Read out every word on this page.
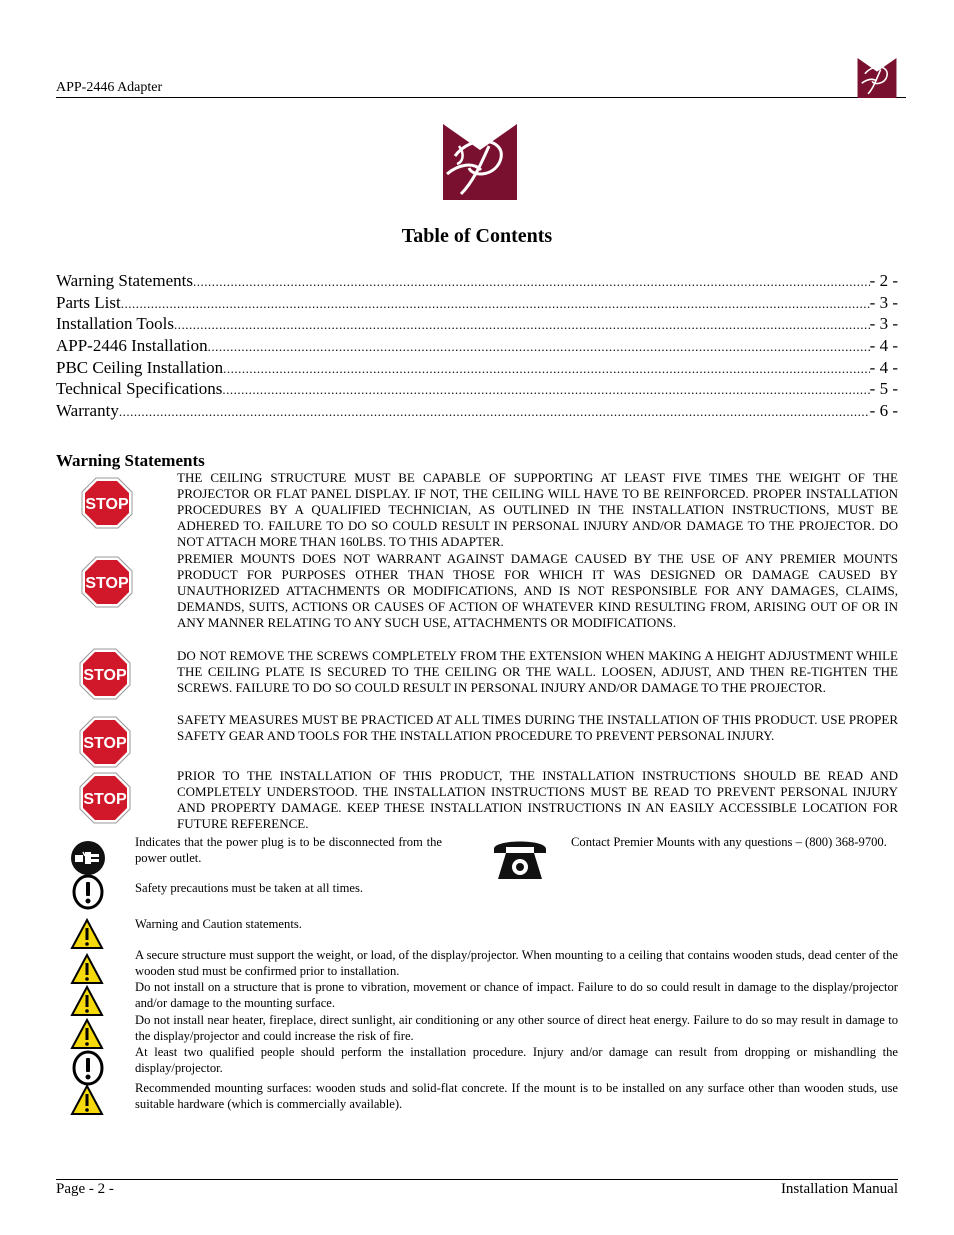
APP-2446 Adapter
Table of Contents
Warning Statements .....	- 2 -
Parts List .....	- 3 -
Installation Tools .....	- 3 -
APP-2446 Installation .....	- 4 -
PBC Ceiling Installation .....	- 4 -
Technical Specifications .....	- 5 -
Warranty .....	- 6 -
Warning Statements
STOP
STOP
STOP
STOP
STOP
THE CEILING STRUCTURE MUST BE CAPABLE OF SUPPORTING AT LEAST FIVE TIMES THE WEIGHT OF THE PROJECTOR OR FLAT PANEL DISPLAY. IF NOT, THE CEILING WILL HAVE TO BE REINFORCED. PROPER INSTALLATION PROCEDURES BY A QUALIFIED TECHNICIAN, AS OUTLINED IN THE INSTALLATION INSTRUCTIONS, MUST BE ADHERED TO. FAILURE TO DO SO COULD RESULT IN PERSONAL INJURY AND/OR DAMAGE TO THE PROJECTOR. DO NOT ATTACH MORE THAN 160LBS. TO THIS ADAPTER.
PREMIER MOUNTS DOES NOT WARRANT AGAINST DAMAGE CAUSED BY THE USE OF ANY PREMIER MOUNTS PRODUCT FOR PURPOSES OTHER THAN THOSE FOR WHICH IT WAS DESIGNED OR DAMAGE CAUSED BY UNAUTHORIZED ATTACHMENTS OR MODIFICATIONS, AND IS NOT RESPONSIBLE FOR ANY DAMAGES, CLAIMS, DEMANDS, SUITS, ACTIONS OR CAUSES OF ACTION OF WHATEVER KIND RESULTING FROM, ARISING OUT OF OR IN ANY MANNER RELATING TO ANY SUCH USE, ATTACHMENTS OR MODIFICATIONS.
DO NOT REMOVE THE SCREWS COMPLETELY FROM THE EXTENSION WHEN MAKING A HEIGHT ADJUSTMENT WHILE THE CEILING PLATE IS SECURED TO THE CEILING OR THE WALL. LOOSEN, ADJUST, AND THEN RE-TIGHTEN THE SCREWS. FAILURE TO DO SO COULD RESULT IN PERSONAL INJURY AND/OR DAMAGE TO THE PROJECTOR.
SAFETY MEASURES MUST BE PRACTICED AT ALL TIMES DURING THE INSTALLATION OF THIS PRODUCT. USE PROPER SAFETY GEAR AND TOOLS FOR THE INSTALLATION PROCEDURE TO PREVENT PERSONAL INJURY.
PRIOR TO THE INSTALLATION OF THIS PRODUCT, THE INSTALLATION INSTRUCTIONS SHOULD BE READ AND COMPLETELY UNDERSTOOD. THE INSTALLATION INSTRUCTIONS MUST BE READ TO PREVENT PERSONAL INJURY AND PROPERTY DAMAGE. KEEP THESE INSTALLATION INSTRUCTIONS IN AN EASILY ACCESSIBLE LOCATION FOR FUTURE REFERENCE.
Indicates that the power plug is to be disconnected from the power outlet.
Contact Premier Mounts with any questions – (800) 368-9700.
Safety precautions must be taken at all times.
Warning and Caution statements.
A secure structure must support the weight, or load, of the display/projector. When mounting to a ceiling that contains wooden studs, dead center of the wooden stud must be confirmed prior to installation.
Do not install on a structure that is prone to vibration, movement or chance of impact. Failure to do so could result in damage to the display/projector and/or damage to the mounting surface.
Do not install near heater, fireplace, direct sunlight, air conditioning or any other source of direct heat energy. Failure to do so may result in damage to the display/projector and could increase the risk of fire.
At least two qualified people should perform the installation procedure. Injury and/or damage can result from dropping or mishandling the display/projector.
Recommended mounting surfaces: wooden studs and solid-flat concrete. If the mount is to be installed on any surface other than wooden studs, use suitable hardware (which is commercially available).
Page - 2 -	Installation Manual
